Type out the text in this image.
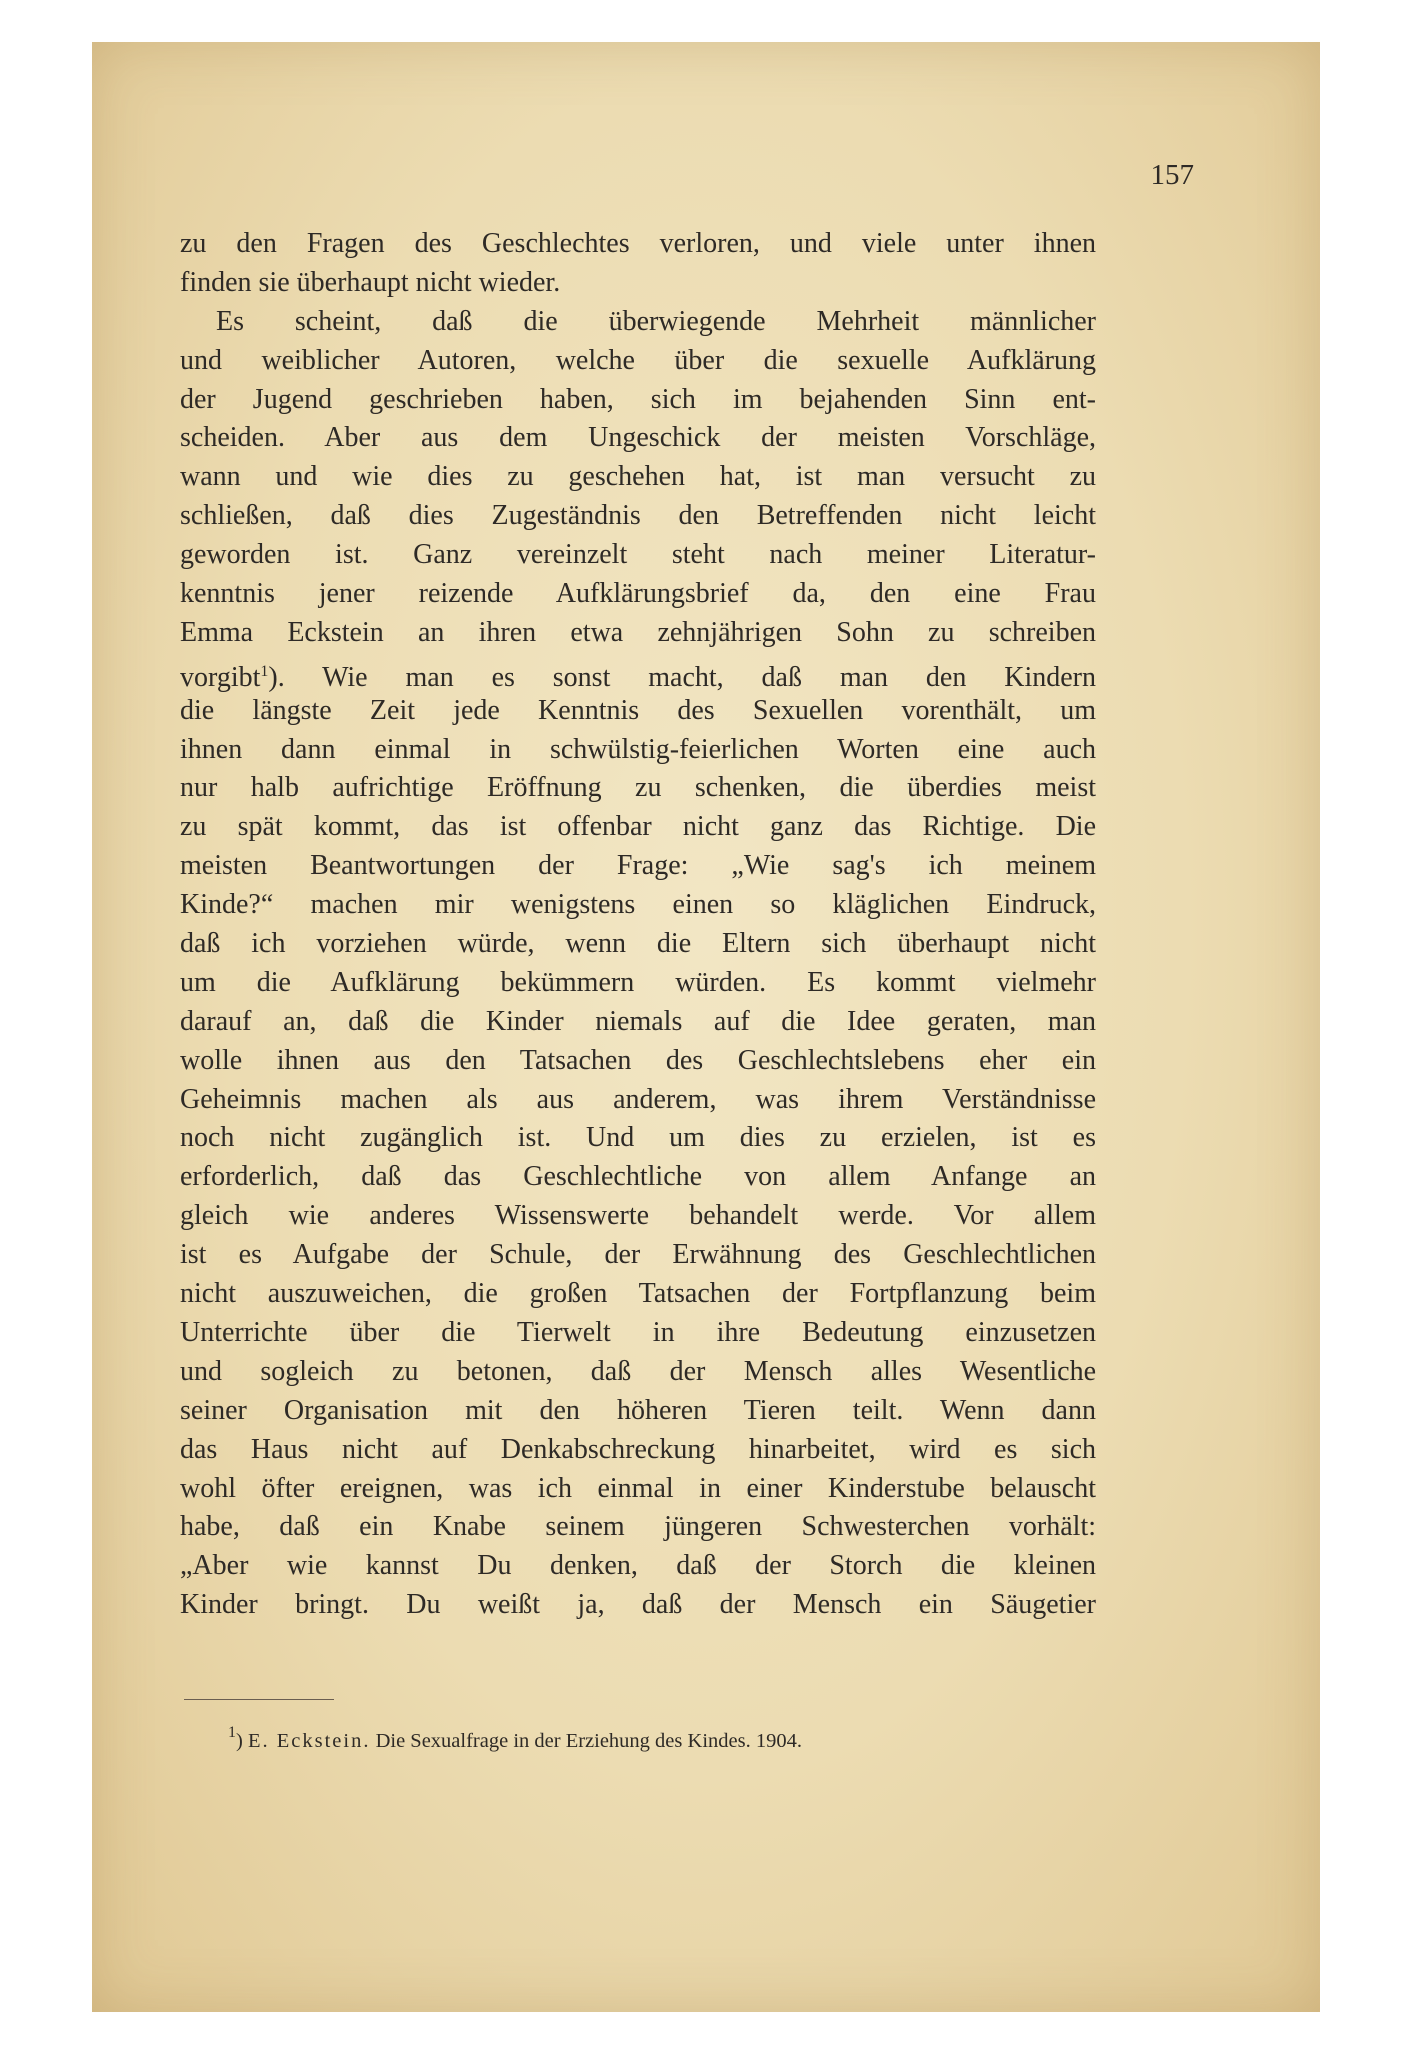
157

zu den Fragen des Geschlechtes verloren, und viele unter ihnen

finden sie überhaupt nicht wieder.

Es scheint, daß die überwiegende Mehrheit männlicher

und weiblicher Autoren, welche über die sexuelle Aufklärung

der Jugend geschrieben haben, sich im bejahenden Sinn ent-

scheiden. Aber aus dem Ungeschick der meisten Vorschläge,

wann und wie dies zu geschehen hat, ist man versucht zu

schließen, daß dies Zugeständnis den Betreffenden nicht leicht

geworden ist. Ganz vereinzelt steht nach meiner Literatur-

kenntnis jener reizende Aufklärungsbrief da, den eine Frau

Emma Eckstein an ihren etwa zehnjährigen Sohn zu schreiben

vorgibt$^1$). Wie man es sonst macht, daß man den Kindern

die längste Zeit jede Kenntnis des Sexuellen vorenthält, um

ihnen dann einmal in schwülstig-feierlichen Worten eine auch

nur halb aufrichtige Eröffnung zu schenken, die überdies meist

zu spät kommt, das ist offenbar nicht ganz das Richtige. Die

meisten Beantwortungen der Frage: „Wie sag's ich meinem

Kinde?“ machen mir wenigstens einen so kläglichen Eindruck,

daß ich vorziehen würde, wenn die Eltern sich überhaupt nicht

um die Aufklärung bekümmern würden. Es kommt vielmehr

darauf an, daß die Kinder niemals auf die Idee geraten, man

wolle ihnen aus den Tatsachen des Geschlechtslebens eher ein

Geheimnis machen als aus anderem, was ihrem Verständnisse

noch nicht zugänglich ist. Und um dies zu erzielen, ist es

erforderlich, daß das Geschlechtliche von allem Anfange an

gleich wie anderes Wissenswerte behandelt werde. Vor allem

ist es Aufgabe der Schule, der Erwähnung des Geschlechtlichen

nicht auszuweichen, die großen Tatsachen der Fortpflanzung beim

Unterrichte über die Tierwelt in ihre Bedeutung einzusetzen

und sogleich zu betonen, daß der Mensch alles Wesentliche

seiner Organisation mit den höheren Tieren teilt. Wenn dann

das Haus nicht auf Denkabschreckung hinarbeitet, wird es sich

wohl öfter ereignen, was ich einmal in einer Kinderstube belauscht

habe, daß ein Knabe seinem jüngeren Schwesterchen vorhält:

„Aber wie kannst Du denken, daß der Storch die kleinen

Kinder bringt. Du weißt ja, daß der Mensch ein Säugetier

$^1$) E. Eckstein. Die Sexualfrage in der Erziehung des Kindes. 1904.
